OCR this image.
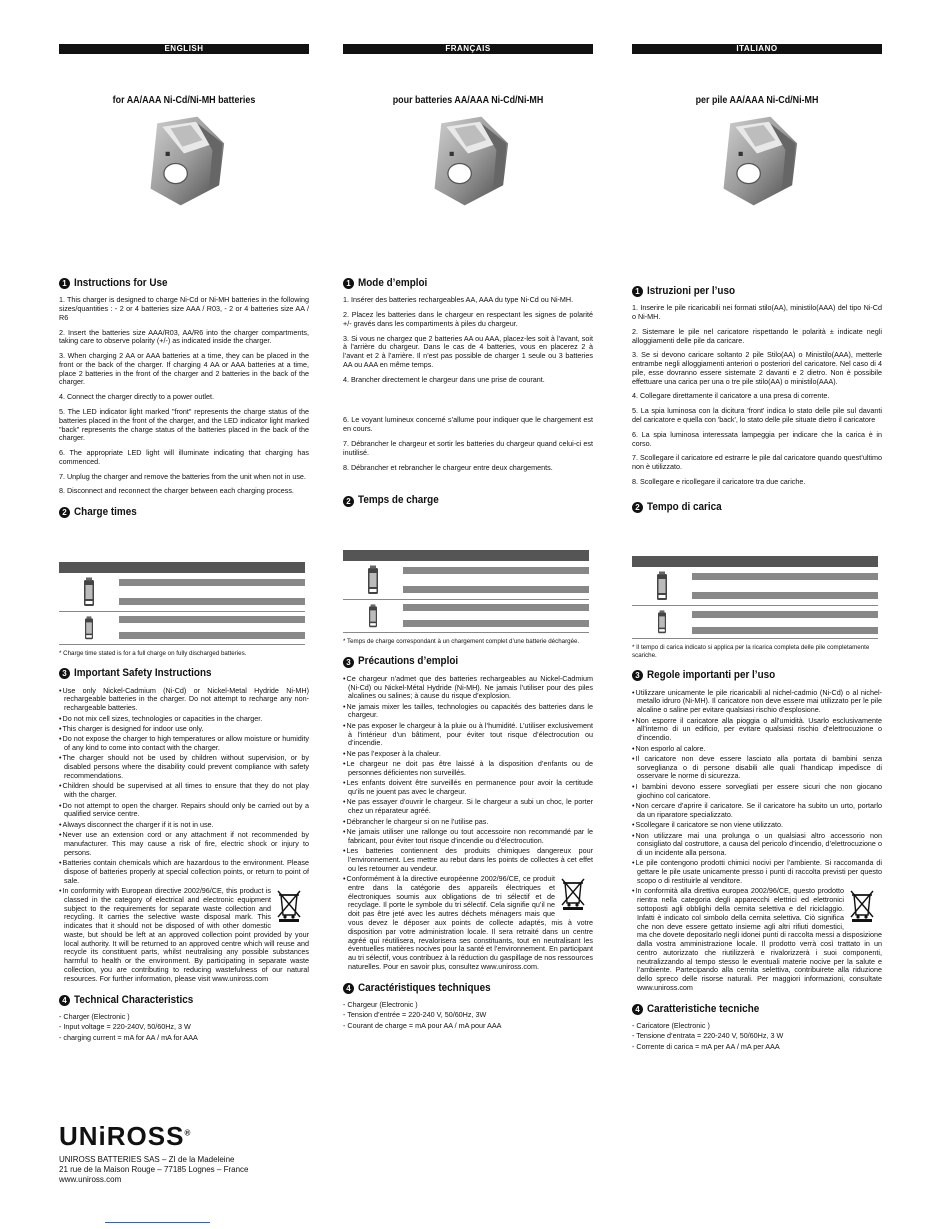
ENGLISH
for AA/AAA Ni-Cd/Ni-MH batteries
1 Instructions for Use

1. This charger is designed to charge Ni-Cd or Ni-MH batteries in the following sizes/quantities : - 2 or 4 batteries size AAA / R03, - 2 or 4 batteries size AA / R6

2. Insert the batteries size AAA/R03, AA/R6 into the charger compartments, taking care to observe polarity (+/-) as indicated inside the charger.

3. When charging 2 AA or AAA batteries at a time, they can be placed in the front or the back of the charger. If charging 4 AA or AAA batteries at a time, place 2 batteries in the front of the charger and 2 batteries in the back of the charger.

4. Connect the charger directly to a power outlet.

5. The LED indicator light marked "front" represents the charge status of the batteries placed in the front of the charger, and the LED indicator light marked "back" represents the charge status of the batteries placed in the back of the charger.

6. The appropriate LED light will illuminate indicating that charging has commenced.

7. Unplug the charger and remove the batteries from the unit when not in use.

8. Disconnect and reconnect the charger between each charging process.

2 Charge times
* Charge time stated is for a full charge on fully discharged batteries.
3 Important Safety Instructions
• Use only Nickel-Cadmium (Ni-Cd) or Nickel-Metal Hydride Ni-MH) rechargeable batteries in the charger. Do not attempt to recharge any non-rechargeable batteries.
• Do not mix cell sizes, technologies or capacities in the charger.
• This charger is designed for indoor use only.
• Do not expose the charger to high temperatures or allow moisture or humidity of any kind to come into contact with the charger.
• The charger should not be used by children without supervision, or by disabled persons where the disability could prevent compliance with safety recommendations.
• Children should be supervised at all times to ensure that they do not play with the charger.
• Do not attempt to open the charger. Repairs should only be carried out by a qualified service centre.
• Always disconnect the charger if it is not in use.
• Never use an extension cord or any attachment if not recommended by manufacturer. This may cause a risk of fire, electric shock or injury to persons.
• Batteries contain chemicals which are hazardous to the environment. Please dispose of batteries properly at special collection points, or return to point of sale.
• In conformity with European directive 2002/96/CE, this product is classed in the category of electrical and electronic equipment subject to the requirements for separate waste collection and recycling. It carries the selective waste disposal mark. This indicates that it should not be disposed of with other domestic waste, but should be left at an approved collection point provided by your local authority. It will be returned to an approved centre which will reuse and recycle its constituent parts, whilst neutralising any possible substances harmful to health or the environment. By participating in separate waste collection, you are contributing to reducing wastefulness of our natural resources. For further information, please visit www.uniross.com
4 Technical Characteristics
- Charger (Electronic )
- Input voltage = 220-240V, 50/60Hz, 3 W
- charging current = mA for AA / mA for AAA
FRANÇAIS
pour batteries AA/AAA Ni-Cd/Ni-MH
1 Mode d’emploi

1. Insérer des batteries rechargeables AA, AAA du type Ni-Cd ou Ni-MH.

2. Placez les batteries dans le chargeur en respectant les signes de polarité +/- gravés dans les compartiments à piles du chargeur.

3. Si vous ne chargez que 2 batteries AA ou AAA, placez-les soit à l’avant, soit à l’arrière du chargeur. Dans le cas de 4 batteries, vous en placerez 2 à l’avant et 2 à l’arrière. Il n’est pas possible de charger 1 seule ou 3 batteries AA ou AAA en même temps.

4. Brancher directement le chargeur dans une prise de courant.

6. Le voyant lumineux concerné s’allume pour indiquer que le chargement est en cours.

7. Débrancher le chargeur et sortir les batteries du chargeur quand celui-ci est inutilisé.

8. Débrancher et rebrancher le chargeur entre deux chargements.

2 Temps de charge
* Temps de charge correspondant à un chargement complet d’une batterie déchargée.
3 Précautions d’emploi
• Ce chargeur n’admet que des batteries rechargeables au Nickel-Cadmium (Ni-Cd) ou Nickel-Métal Hydride (Ni-MH). Ne jamais l’utiliser pour des piles alcalines ou salines; à cause du risque d’explosion.
• Ne jamais mixer les tailles, technologies ou capacités des batteries dans le chargeur.
• Ne pas exposer le chargeur à la pluie ou à l’humidité. L’utiliser exclusivement à l’intérieur d’un bâtiment, pour éviter tout risque d’électrocution ou d’incendie.
• Ne pas l’exposer à la chaleur.
• Le chargeur ne doit pas être laissé à la disposition d’enfants ou de personnes déficientes non surveillés.
• Les enfants doivent être surveillés en permanence pour avoir la certitude qu’ils ne jouent pas avec le chargeur.
• Ne pas essayer d’ouvrir le chargeur. Si le chargeur a subi un choc, le porter chez un réparateur agréé.
• Débrancher le chargeur si on ne l’utilise pas.
• Ne jamais utiliser une rallonge ou tout accessoire non recommandé par le fabricant, pour éviter tout risque d’incendie ou d’électrocution.
• Les batteries contiennent des produits chimiques dangereux pour l’environnement. Les mettre au rebut dans les points de collectes à cet effet ou les retourner au vendeur.
• Conformément à la directive européenne 2002/96/CE, ce produit entre dans la catégorie des appareils électriques et électroniques soumis aux obligations de tri sélectif et de recyclage. Il porte le symbole du tri sélectif. Cela signifie qu’il ne doit pas être jeté avec les autres déchets ménagers mais que vous devez le déposer aux points de collecte adaptés, mis à votre disposition par votre administration locale. Il sera retraité dans un centre agréé qui réutilisera, revalorisera ses constituants, tout en neutralisant les éventuelles matières nocives pour la santé et l’environnement. En participant au tri sélectif, vous contribuez à la réduction du gaspillage de nos ressources naturelles. Pour en savoir plus, consultez www.uniross.com.
4 Caractéristiques techniques
- Chargeur (Electronic )
- Tension d’entrée = 220-240 V, 50/60Hz, 3W
- Courant de charge = mA pour AA / mA pour AAA
ITALIANO
per pile AA/AAA Ni-Cd/Ni-MH
1 Istruzioni per l’uso

1. Inserire le pile ricaricabili nei formati stilo(AA), ministilo(AAA) del tipo Ni-Cd o Ni-MH.

2. Sistemare le pile nel caricatore rispettando le polarità ± indicate negli alloggiamenti delle pile da caricare.

3. Se si devono caricare soltanto 2 pile Stilo(AA) o Ministilo(AAA), metterle entrambe negli alloggiamenti anteriori o posteriori del caricatore. Nel caso di 4 pile, esse dovranno essere sistemate 2 davanti e 2 dietro. Non è possibile effettuare una carica per una o tre pile stilo(AA) o ministilo(AAA).

4. Collegare direttamente il caricatore a una presa di corrente.

5. La spia luminosa con la dicitura 'front' indica lo stato delle pile sul davanti del caricatore e quella con 'back', lo stato delle pile situate dietro il caricatore

6. La spia luminosa interessata lampeggia per indicare che la carica è in corso.

7. Scollegare il caricatore ed estrarre le pile dal caricatore quando quest’ultimo non è utilizzato.

8. Scollegare e ricollegare il caricatore tra due cariche.

2 Tempo di carica
* Il tempo di carica indicato si applica per la ricarica completa delle pile completamente scariche.
3 Regole importanti per l’uso
• Utilizzare unicamente le pile ricaricabili al nichel-cadmio (Ni-Cd) o al nichel-metallo idruro (Ni-MH). Il caricatore non deve essere mai utilizzato per le pile alcaline o saline per evitare qualsiasi rischio d’esplosione.
• Non esporre il caricatore alla pioggia o all’umidità. Usarlo esclusivamente all’interno di un edificio, per evitare qualsiasi rischio d’elettrocuzione o d’incendio.
• Non esporlo al calore.
• Il caricatore non deve essere lasciato alla portata di bambini senza sorveglianza o di persone disabili alle quali l’handicap impedisce di osservare le norme di sicurezza.
• I bambini devono essere sorvegliati per essere sicuri che non giocano giochino col caricatore.
• Non cercare d’aprire il caricatore. Se il caricatore ha subito un urto, portarlo da un riparatore specializzato.
• Scollegare il caricatore se non viene utilizzato.
• Non utilizzare mai una prolunga o un qualsiasi altro accessorio non consigliato dal costruttore, a causa del pericolo d’incendio, d’elettrocuzione o di un incidente alla persona.
• Le pile contengono prodotti chimici nocivi per l’ambiente. Si raccomanda di gettare le pile usate unicamente presso i punti di raccolta previsti per questo scopo o di restituirle al venditore.
• In conformità alla direttiva europea 2002/96/CE, questo prodotto rientra nella categoria degli apparecchi elettrici ed elettronici sottoposti agli obblighi della cernita selettiva e del riciclaggio. Infatti è indicato col simbolo della cernita selettiva. Ciò significa che non deve essere gettato insieme agli altri rifiuti domestici, ma che dovete depositarlo negli idonei punti di raccolta messi a disposizione dalla vostra amministrazione locale. Il prodotto verrà così trattato in un centro autorizzato che riutilizzerà e rivalorizzerà i suoi componenti, neutralizzando al tempo stesso le eventuali materie nocive per la salute e l’ambiente. Partecipando alla cernita selettiva, contribuirete alla riduzione dello spreco delle risorse naturali. Per maggiori informazioni, consultate www.uniross.com
4 Caratteristiche tecniche
- Caricatore (Electronic )
- Tensione d’entrata = 220-240 V, 50/60Hz, 3 W
- Corrente di carica = mA per AA / mA per AAA
UNiROSS®
UNIROSS BATTERIES SAS – ZI de la Madeleine
21 rue de la Maison Rouge – 77185 Lognes – France
www.uniross.com
